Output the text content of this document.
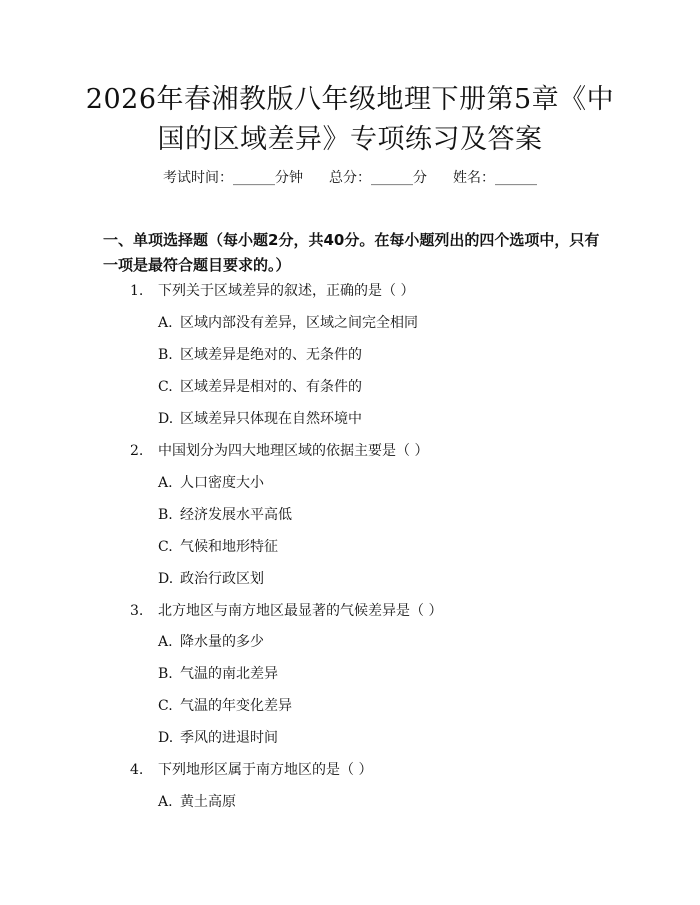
2026年春湘教版八年级地理下册第5章《中
国的区域差异》专项练习及答案
考试时间：______分钟 总分：______分 姓名：______
一、单项选择题（每小题2分，共40分。在每小题列出的四个选项中，只有一项是最符合题目要求的。）
1. 下列关于区域差异的叙述，正确的是（ ）
A. 区域内部没有差异，区域之间完全相同
B. 区域差异是绝对的、无条件的
C. 区域差异是相对的、有条件的
D. 区域差异只体现在自然环境中
2. 中国划分为四大地理区域的依据主要是（ ）
A. 人口密度大小
B. 经济发展水平高低
C. 气候和地形特征
D. 政治行政区划
3. 北方地区与南方地区最显著的气候差异是（ ）
A. 降水量的多少
B. 气温的南北差异
C. 气温的年变化差异
D. 季风的进退时间
4. 下列地形区属于南方地区的是（ ）
A. 黄土高原
